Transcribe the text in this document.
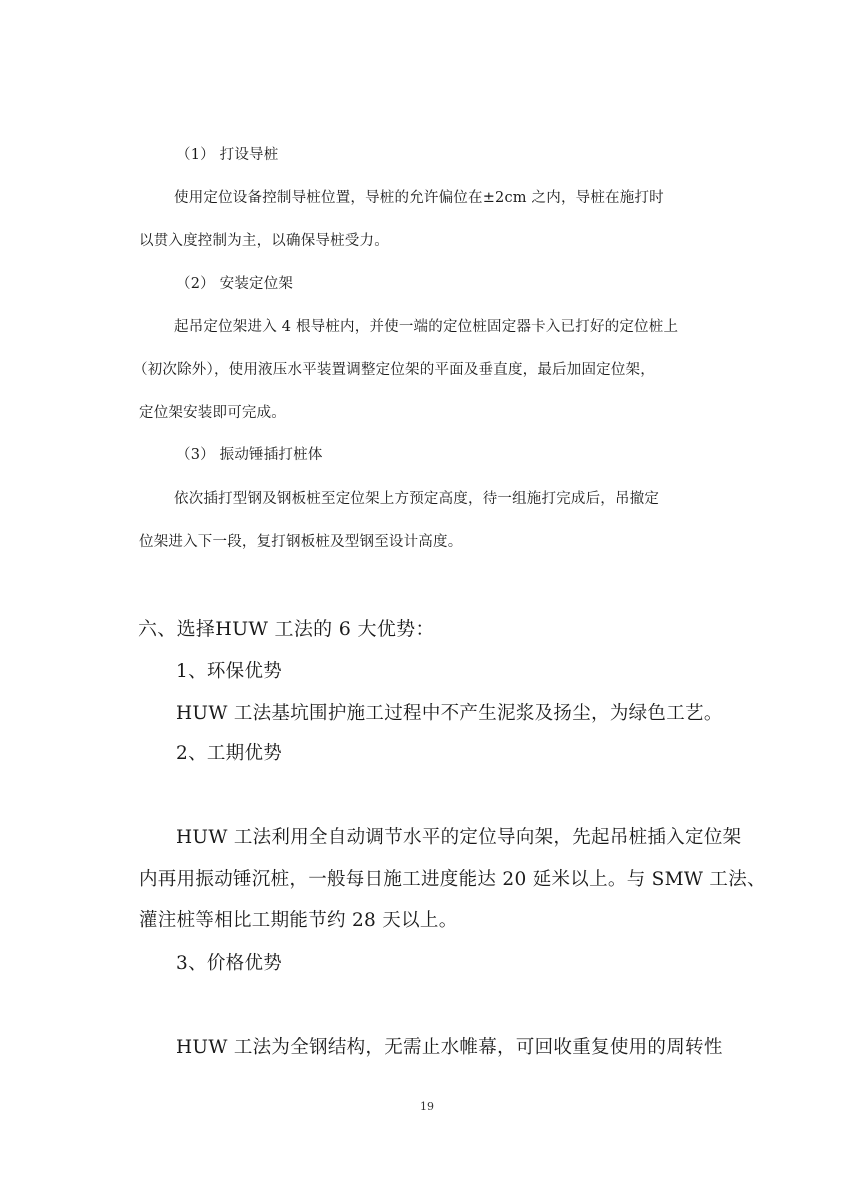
（1） 打设导桩
使用定位设备控制导桩位置，导桩的允许偏位在±2cm 之内，导桩在施打时
以贯入度控制为主，以确保导桩受力。
（2） 安装定位架
起吊定位架进入 4 根导桩内，并使一端的定位桩固定器卡入已打好的定位桩上
（初次除外），使用液压水平装置调整定位架的平面及垂直度，最后加固定位架，
定位架安装即可完成。
（3） 振动锤插打桩体
依次插打型钢及钢板桩至定位架上方预定高度，待一组施打完成后，吊撤定
位架进入下一段，复打钢板桩及型钢至设计高度。
六、选择HUW 工法的 6 大优势：
1、环保优势
HUW 工法基坑围护施工过程中不产生泥浆及扬尘，为绿色工艺。
2、工期优势
HUW 工法利用全自动调节水平的定位导向架，先起吊桩插入定位架
内再用振动锤沉桩，一般每日施工进度能达 20 延米以上。与 SMW 工法、
灌注桩等相比工期能节约 28 天以上。
3、价格优势
HUW 工法为全钢结构，无需止水帷幕，可回收重复使用的周转性
19
